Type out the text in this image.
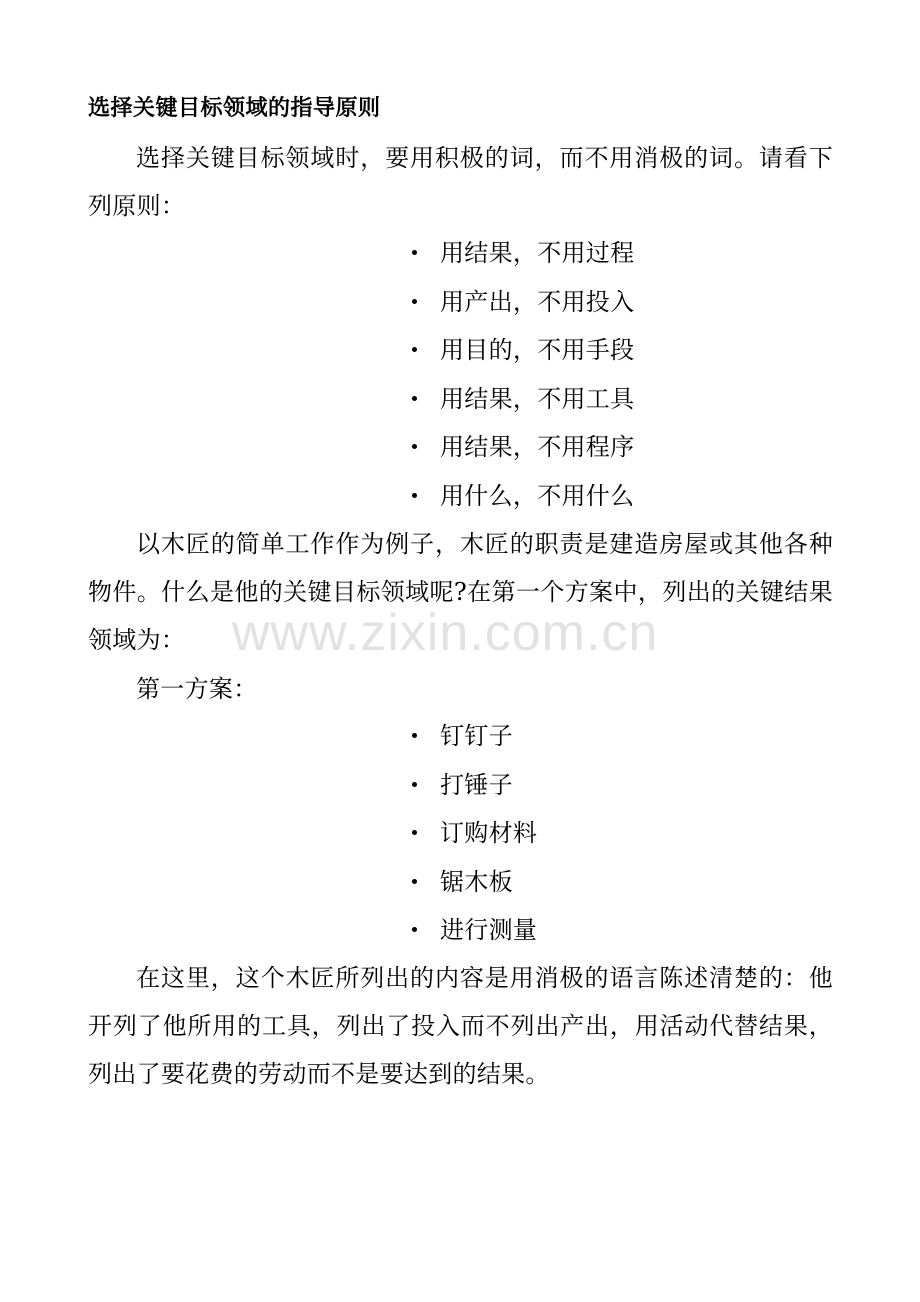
选择关键目标领域的指导原则

选择关键目标领域时，要用积极的词，而不用消极的词。请看下列原则：

用结果，不用过程
用产出，不用投入
用目的，不用手段
用结果，不用工具
用结果，不用程序
用什么，不用什么

以木匠的简单工作作为例子，木匠的职责是建造房屋或其他各种物件。什么是他的关键目标领域呢?在第一个方案中，列出的关键结果领域为：

第一方案：

钉钉子
打锤子
订购材料
锯木板
进行测量

在这里，这个木匠所列出的内容是用消极的语言陈述清楚的：他开列了他所用的工具，列出了投入而不列出产出，用活动代替结果，列出了要花费的劳动而不是要达到的结果。

www.zixin.com.cn
